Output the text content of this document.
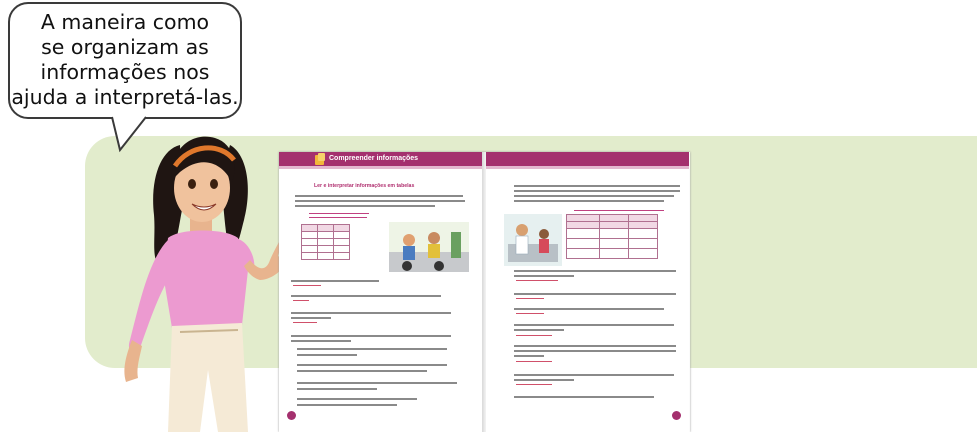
A maneira como
se organizam as
informações nos
ajuda a interpretá-las.
Compreender informações
Ler e interpretar informações em tabelas
